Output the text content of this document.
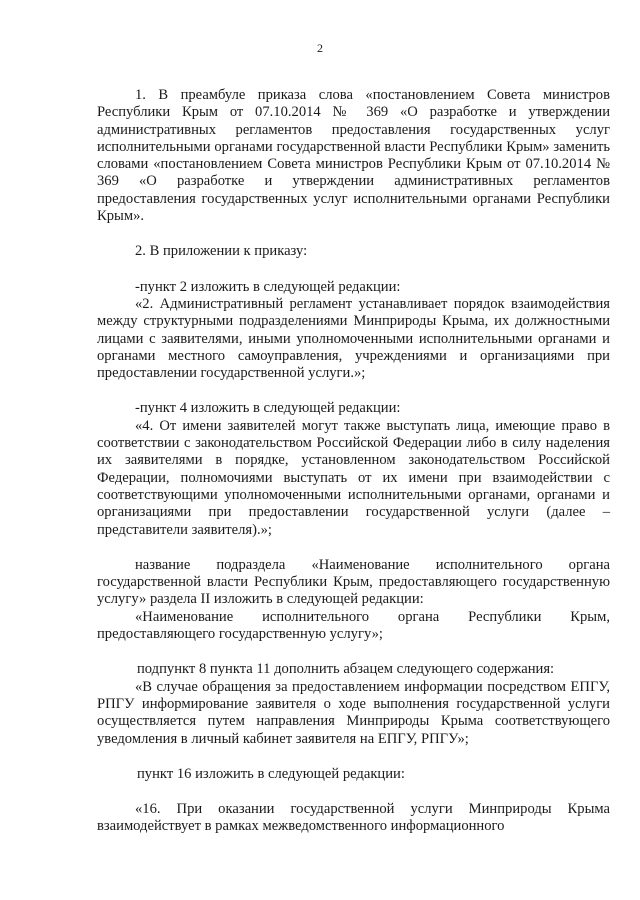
2

1. В преамбуле приказа слова «постановлением Совета министров Республики Крым от 07.10.2014 № 369 «О разработке и утверждении административных регламентов предоставления государственных услуг исполнительными органами государственной власти Республики Крым» заменить словами «постановлением Совета министров Республики Крым от 07.10.2014 № 369 «О разработке и утверждении административных регламентов предоставления государственных услуг исполнительными органами Республики Крым».

2. В приложении к приказу:

-пункт 2 изложить в следующей редакции:

«2. Административный регламент устанавливает порядок взаимодействия между структурными подразделениями Минприроды Крыма, их должностными лицами с заявителями, иными уполномоченными исполнительными органами и органами местного самоуправления, учреждениями и организациями при предоставлении государственной услуги.»;

-пункт 4 изложить в следующей редакции:

«4. От имени заявителей могут также выступать лица, имеющие право в соответствии с законодательством Российской Федерации либо в силу наделения их заявителями в порядке, установленном законодательством Российской Федерации, полномочиями выступать от их имени при взаимодействии с соответствующими уполномоченными исполнительными органами, органами и организациями при предоставлении государственной услуги (далее – представители заявителя).»;

название подраздела «Наименование исполнительного органа государственной власти Республики Крым, предоставляющего государственную услугу» раздела II изложить в следующей редакции:

«Наименование исполнительного органа Республики Крым, предоставляющего государственную услугу»;

подпункт 8 пункта 11 дополнить абзацем следующего содержания:

«В случае обращения за предоставлением информации посредством ЕПГУ, РПГУ информирование заявителя о ходе выполнения государственной услуги осуществляется путем направления Минприроды Крыма соответствующего уведомления в личный кабинет заявителя на ЕПГУ, РПГУ»;

пункт 16 изложить в следующей редакции:

«16. При оказании государственной услуги Минприроды Крыма взаимодействует в рамках межведомственного информационного
